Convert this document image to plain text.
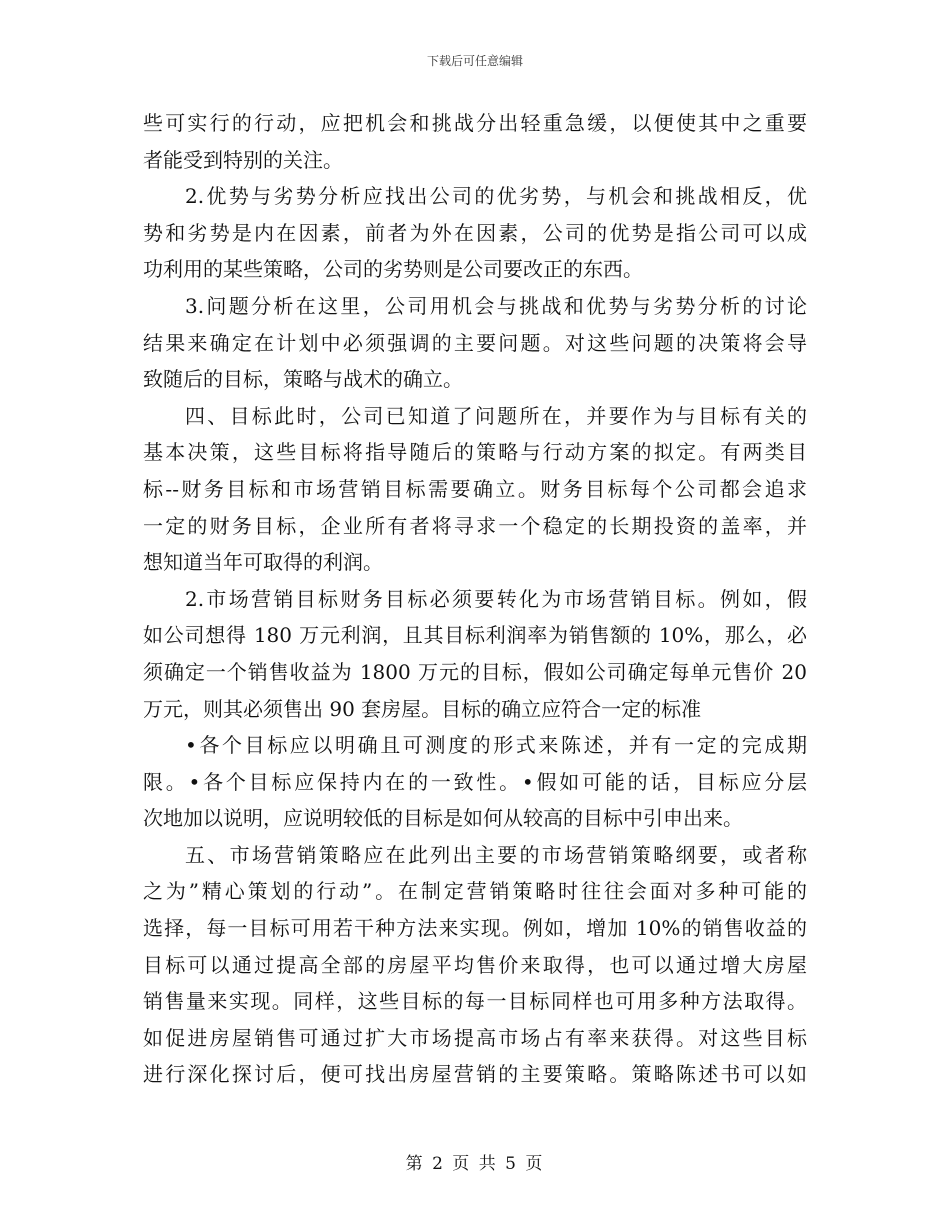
下载后可任意编辑
些可实行的行动，应把机会和挑战分出轻重急缓，以便使其中之重要
者能受到特别的关注。
2.优势与劣势分析应找出公司的优劣势，与机会和挑战相反，优
势和劣势是内在因素，前者为外在因素，公司的优势是指公司可以成
功利用的某些策略，公司的劣势则是公司要改正的东西。
3.问题分析在这里，公司用机会与挑战和优势与劣势分析的讨论
结果来确定在计划中必须强调的主要问题。对这些问题的决策将会导
致随后的目标，策略与战术的确立。
四、目标此时，公司已知道了问题所在，并要作为与目标有关的
基本决策，这些目标将指导随后的策略与行动方案的拟定。有两类目
标--财务目标和市场营销目标需要确立。财务目标每个公司都会追求
一定的财务目标，企业所有者将寻求一个稳定的长期投资的盖率，并
想知道当年可取得的利润。
2.市场营销目标财务目标必须要转化为市场营销目标。例如，假
如公司想得 180 万元利润，且其目标利润率为销售额的 10%，那么，必
须确定一个销售收益为 1800 万元的目标，假如公司确定每单元售价 20
万元，则其必须售出 90 套房屋。目标的确立应符合一定的标准
•各个目标应以明确且可测度的形式来陈述，并有一定的完成期
限。•各个目标应保持内在的一致性。•假如可能的话，目标应分层
次地加以说明，应说明较低的目标是如何从较高的目标中引申出来。
五、市场营销策略应在此列出主要的市场营销策略纲要，或者称
之为”精心策划的行动”。在制定营销策略时往往会面对多种可能的
选择，每一目标可用若干种方法来实现。例如，增加 10%的销售收益的
目标可以通过提高全部的房屋平均售价来取得，也可以通过增大房屋
销售量来实现。同样，这些目标的每一目标同样也可用多种方法取得。
如促进房屋销售可通过扩大市场提高市场占有率来获得。对这些目标
进行深化探讨后，便可找出房屋营销的主要策略。策略陈述书可以如
第 2 页 共 5 页
